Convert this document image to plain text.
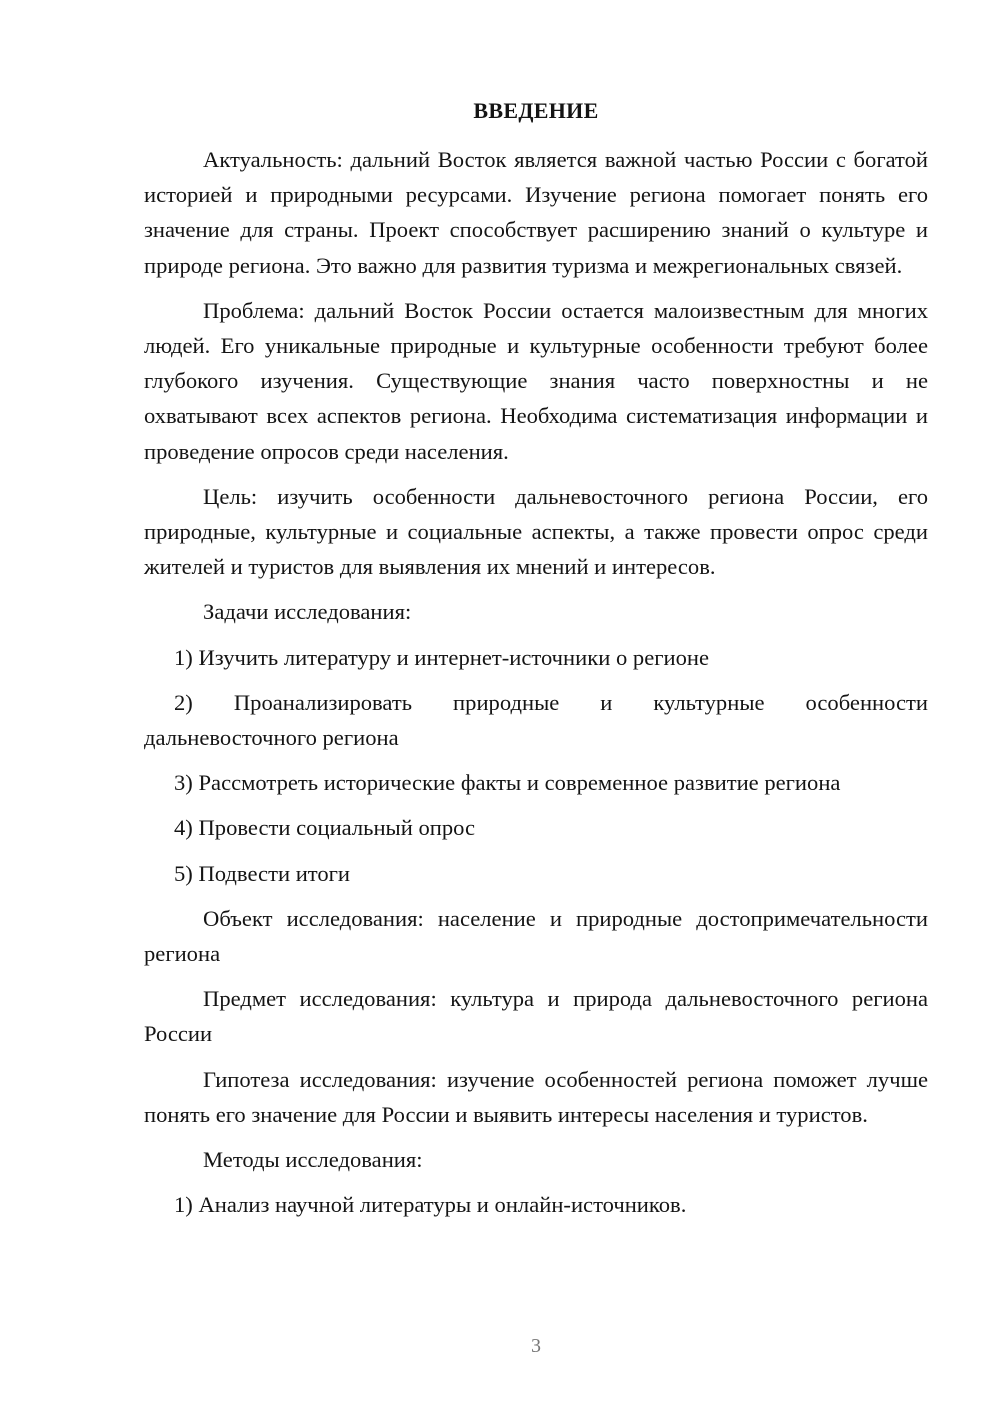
ВВЕДЕНИЕ

Актуальность: дальний Восток является важной частью России с богатой историей и природными ресурсами. Изучение региона помогает понять его значение для страны. Проект способствует расширению знаний о культуре и природе региона. Это важно для развития туризма и межрегиональных связей.

Проблема: дальний Восток России остается малоизвестным для многих людей. Его уникальные природные и культурные особенности требуют более глубокого изучения. Существующие знания часто поверхностны и не охватывают всех аспектов региона. Необходима систематизация информации и проведение опросов среди населения.

Цель: изучить особенности дальневосточного региона России, его природные, культурные и социальные аспекты, а также провести опрос среди жителей и туристов для выявления их мнений и интересов.

Задачи исследования:

1) Изучить литературу и интернет-источники о регионе

2) Проанализировать природные и культурные особенности дальневосточного региона

3) Рассмотреть исторические факты и современное развитие региона

4) Провести социальный опрос

5) Подвести итоги

Объект исследования: население и природные достопримечательности региона

Предмет исследования: культура и природа дальневосточного региона России

Гипотеза исследования: изучение особенностей региона поможет лучше понять его значение для России и выявить интересы населения и туристов.

Методы исследования:

1) Анализ научной литературы и онлайн-источников.

3
